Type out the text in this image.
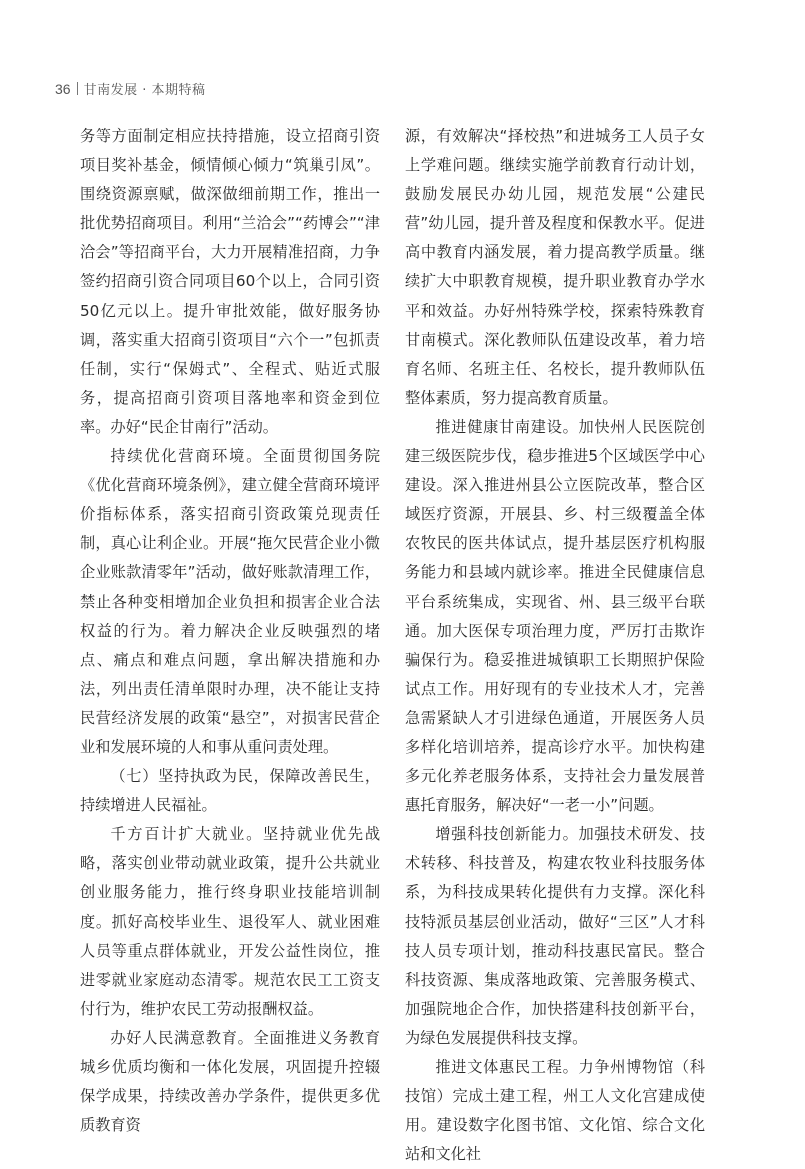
36 甘南发展 · 本期特稿

务等方面制定相应扶持措施，设立招商引资项目奖补基金，倾情倾心倾力“筑巢引凤”。围绕资源禀赋，做深做细前期工作，推出一批优势招商项目。利用“兰洽会”“药博会”“津洽会”等招商平台，大力开展精准招商，力争签约招商引资合同项目60个以上，合同引资50亿元以上。提升审批效能，做好服务协调，落实重大招商引资项目“六个一”包抓责任制，实行“保姆式”、全程式、贴近式服务，提高招商引资项目落地率和资金到位率。办好“民企甘南行”活动。

持续优化营商环境。全面贯彻国务院《优化营商环境条例》，建立健全营商环境评价指标体系，落实招商引资政策兑现责任制，真心让利企业。开展“拖欠民营企业小微企业账款清零年”活动，做好账款清理工作，禁止各种变相增加企业负担和损害企业合法权益的行为。着力解决企业反映强烈的堵点、痛点和难点问题，拿出解决措施和办法，列出责任清单限时办理，决不能让支持民营经济发展的政策“悬空”，对损害民营企业和发展环境的人和事从重问责处理。

（七）坚持执政为民，保障改善民生，持续增进人民福祉。

千方百计扩大就业。坚持就业优先战略，落实创业带动就业政策，提升公共就业创业服务能力，推行终身职业技能培训制度。抓好高校毕业生、退役军人、就业困难人员等重点群体就业，开发公益性岗位，推进零就业家庭动态清零。规范农民工工资支付行为，维护农民工劳动报酬权益。

办好人民满意教育。全面推进义务教育城乡优质均衡和一体化发展，巩固提升控辍保学成果，持续改善办学条件，提供更多优质教育资

源，有效解决“择校热”和进城务工人员子女上学难问题。继续实施学前教育行动计划，鼓励发展民办幼儿园，规范发展“公建民营”幼儿园，提升普及程度和保教水平。促进高中教育内涵发展，着力提高教学质量。继续扩大中职教育规模，提升职业教育办学水平和效益。办好州特殊学校，探索特殊教育甘南模式。深化教师队伍建设改革，着力培育名师、名班主任、名校长，提升教师队伍整体素质，努力提高教育质量。

推进健康甘南建设。加快州人民医院创建三级医院步伐，稳步推进5个区域医学中心建设。深入推进州县公立医院改革，整合区域医疗资源，开展县、乡、村三级覆盖全体农牧民的医共体试点，提升基层医疗机构服务能力和县域内就诊率。推进全民健康信息平台系统集成，实现省、州、县三级平台联通。加大医保专项治理力度，严厉打击欺诈骗保行为。稳妥推进城镇职工长期照护保险试点工作。用好现有的专业技术人才，完善急需紧缺人才引进绿色通道，开展医务人员多样化培训培养，提高诊疗水平。加快构建多元化养老服务体系，支持社会力量发展普惠托育服务，解决好“一老一小”问题。

增强科技创新能力。加强技术研发、技术转移、科技普及，构建农牧业科技服务体系，为科技成果转化提供有力支撑。深化科技特派员基层创业活动，做好“三区”人才科技人员专项计划，推动科技惠民富民。整合科技资源、集成落地政策、完善服务模式、加强院地企合作，加快搭建科技创新平台，为绿色发展提供科技支撑。

推进文体惠民工程。力争州博物馆（科技馆）完成土建工程，州工人文化宫建成使用。建设数字化图书馆、文化馆、综合文化站和文化社
